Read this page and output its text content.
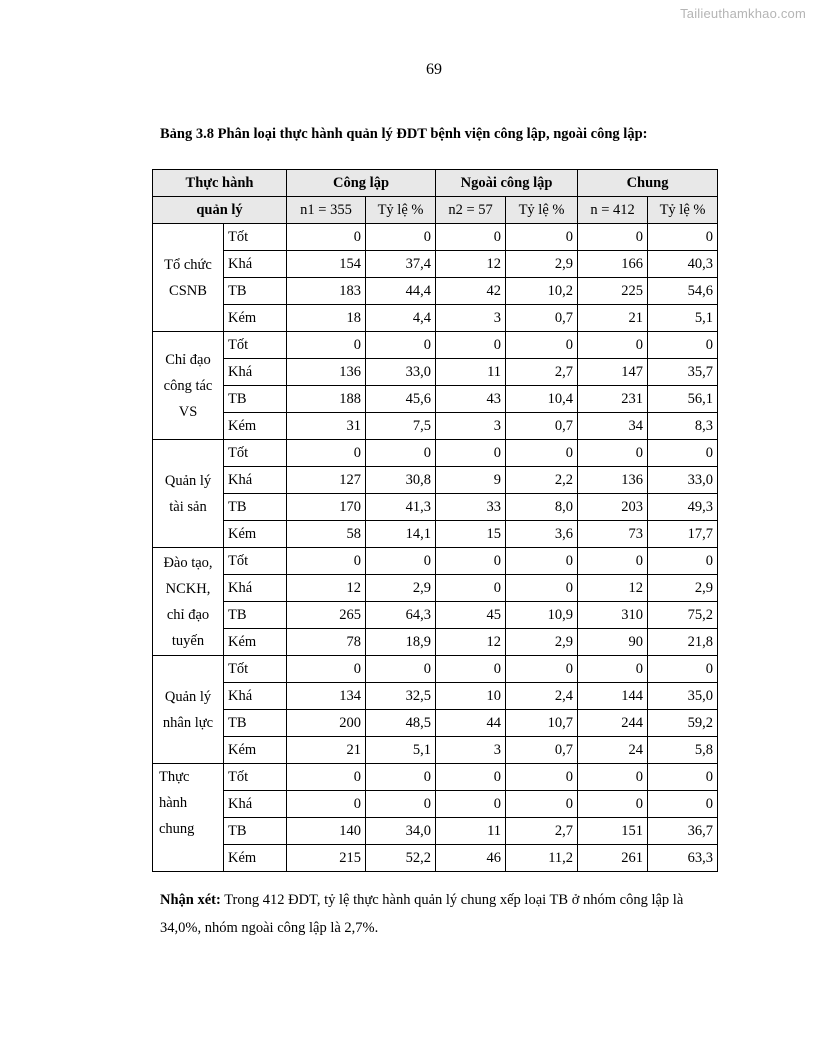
Tailieuthamkhao.com
69
Bảng 3.8 Phân loại thực hành quản lý ĐDT bệnh viện công lập, ngoài công lập:
Thực hành		Công lập		Ngoài công lập		Chung	
quản lý		n1 = 355	Tỷ lệ %	n2 = 57	Tỷ lệ %	n = 412	Tỷ lệ %
Tổ chức CSNB	Tốt	0	0	0	0	0	0
	Khá	154	37,4	12	2,9	166	40,3
	TB	183	44,4	42	10,2	225	54,6
	Kém	18	4,4	3	0,7	21	5,1
Chỉ đạo công tác VS	Tốt	0	0	0	0	0	0
	Khá	136	33,0	11	2,7	147	35,7
	TB	188	45,6	43	10,4	231	56,1
	Kém	31	7,5	3	0,7	34	8,3
Quản lý tài sản	Tốt	0	0	0	0	0	0
	Khá	127	30,8	9	2,2	136	33,0
	TB	170	41,3	33	8,0	203	49,3
	Kém	58	14,1	15	3,6	73	17,7
Đào tạo, NCKH, chỉ đạo tuyến	Tốt	0	0	0	0	0	0
	Khá	12	2,9	0	0	12	2,9
	TB	265	64,3	45	10,9	310	75,2
	Kém	78	18,9	12	2,9	90	21,8
Quản lý nhân lực	Tốt	0	0	0	0	0	0
	Khá	134	32,5	10	2,4	144	35,0
	TB	200	48,5	44	10,7	244	59,2
	Kém	21	5,1	3	0,7	24	5,8
Thực hành chung	Tốt	0	0	0	0	0	0
	Khá	0	0	0	0	0	0
	TB	140	34,0	11	2,7	151	36,7
	Kém	215	52,2	46	11,2	261	63,3
Nhận xét: Trong 412 ĐDT, tỷ lệ thực hành quản lý chung xếp loại TB ở nhóm công lập là 34,0%, nhóm ngoài công lập là 2,7%.
